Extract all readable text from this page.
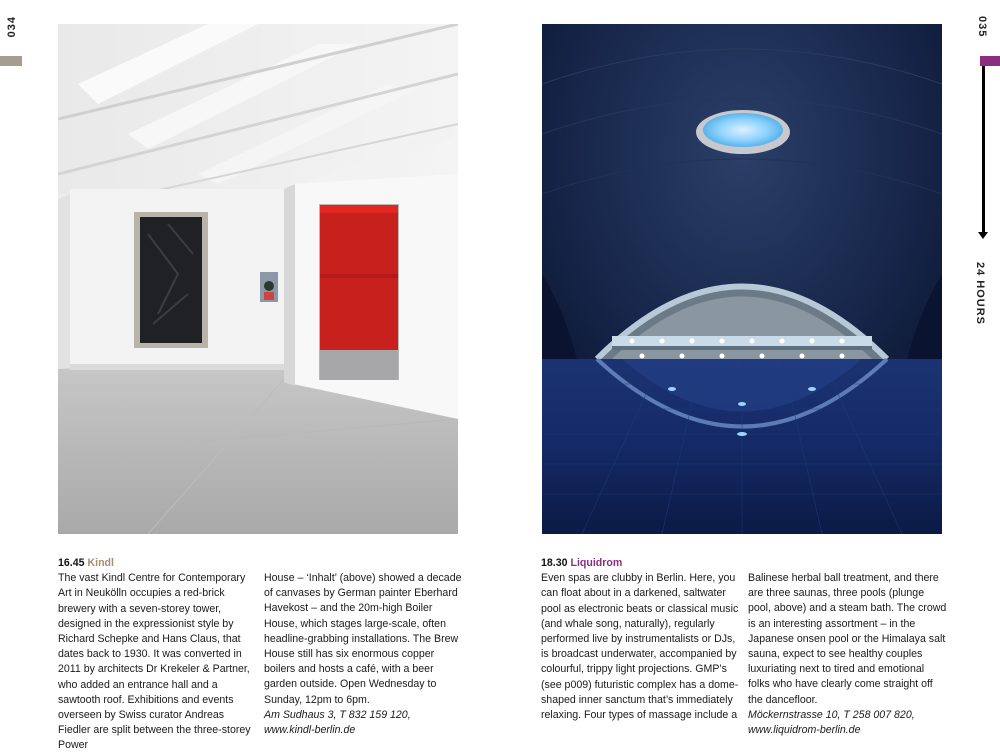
034	035
24 HOURS
16.45 Kindl
The vast Kindl Centre for Contemporary Art in Neukölln occupies a red-brick brewery with a seven-storey tower, designed in the expressionist style by Richard Schepke and Hans Claus, that dates back to 1930. It was converted in 2011 by architects Dr Krekeler & Partner, who added an entrance hall and a sawtooth roof. Exhibitions and events overseen by Swiss curator Andreas Fiedler are split between the three-storey Power
House – ‘Inhalt’ (above) showed a decade of canvases by German painter Eberhard Havekost – and the 20m-high Boiler House, which stages large-scale, often headline-grabbing installations. The Brew House still has six enormous copper boilers and hosts a café, with a beer garden outside. Open Wednesday to Sunday, 12pm to 6pm.
Am Sudhaus 3, T 832 159 120,
www.kindl-berlin.de
18.30 Liquidrom
Even spas are clubby in Berlin. Here, you can float about in a darkened, saltwater pool as electronic beats or classical music (and whale song, naturally), regularly performed live by instrumentalists or DJs, is broadcast underwater, accompanied by colourful, trippy light projections. GMP’s (see p009) futuristic complex has a dome-shaped inner sanctum that’s immediately relaxing. Four types of massage include a
Balinese herbal ball treatment, and there are three saunas, three pools (plunge pool, above) and a steam bath. The crowd is an interesting assortment – in the Japanese onsen pool or the Himalaya salt sauna, expect to see healthy couples luxuriating next to tired and emotional folks who have clearly come straight off the dancefloor.
Möckernstrasse 10, T 258 007 820,
www.liquidrom-berlin.de
